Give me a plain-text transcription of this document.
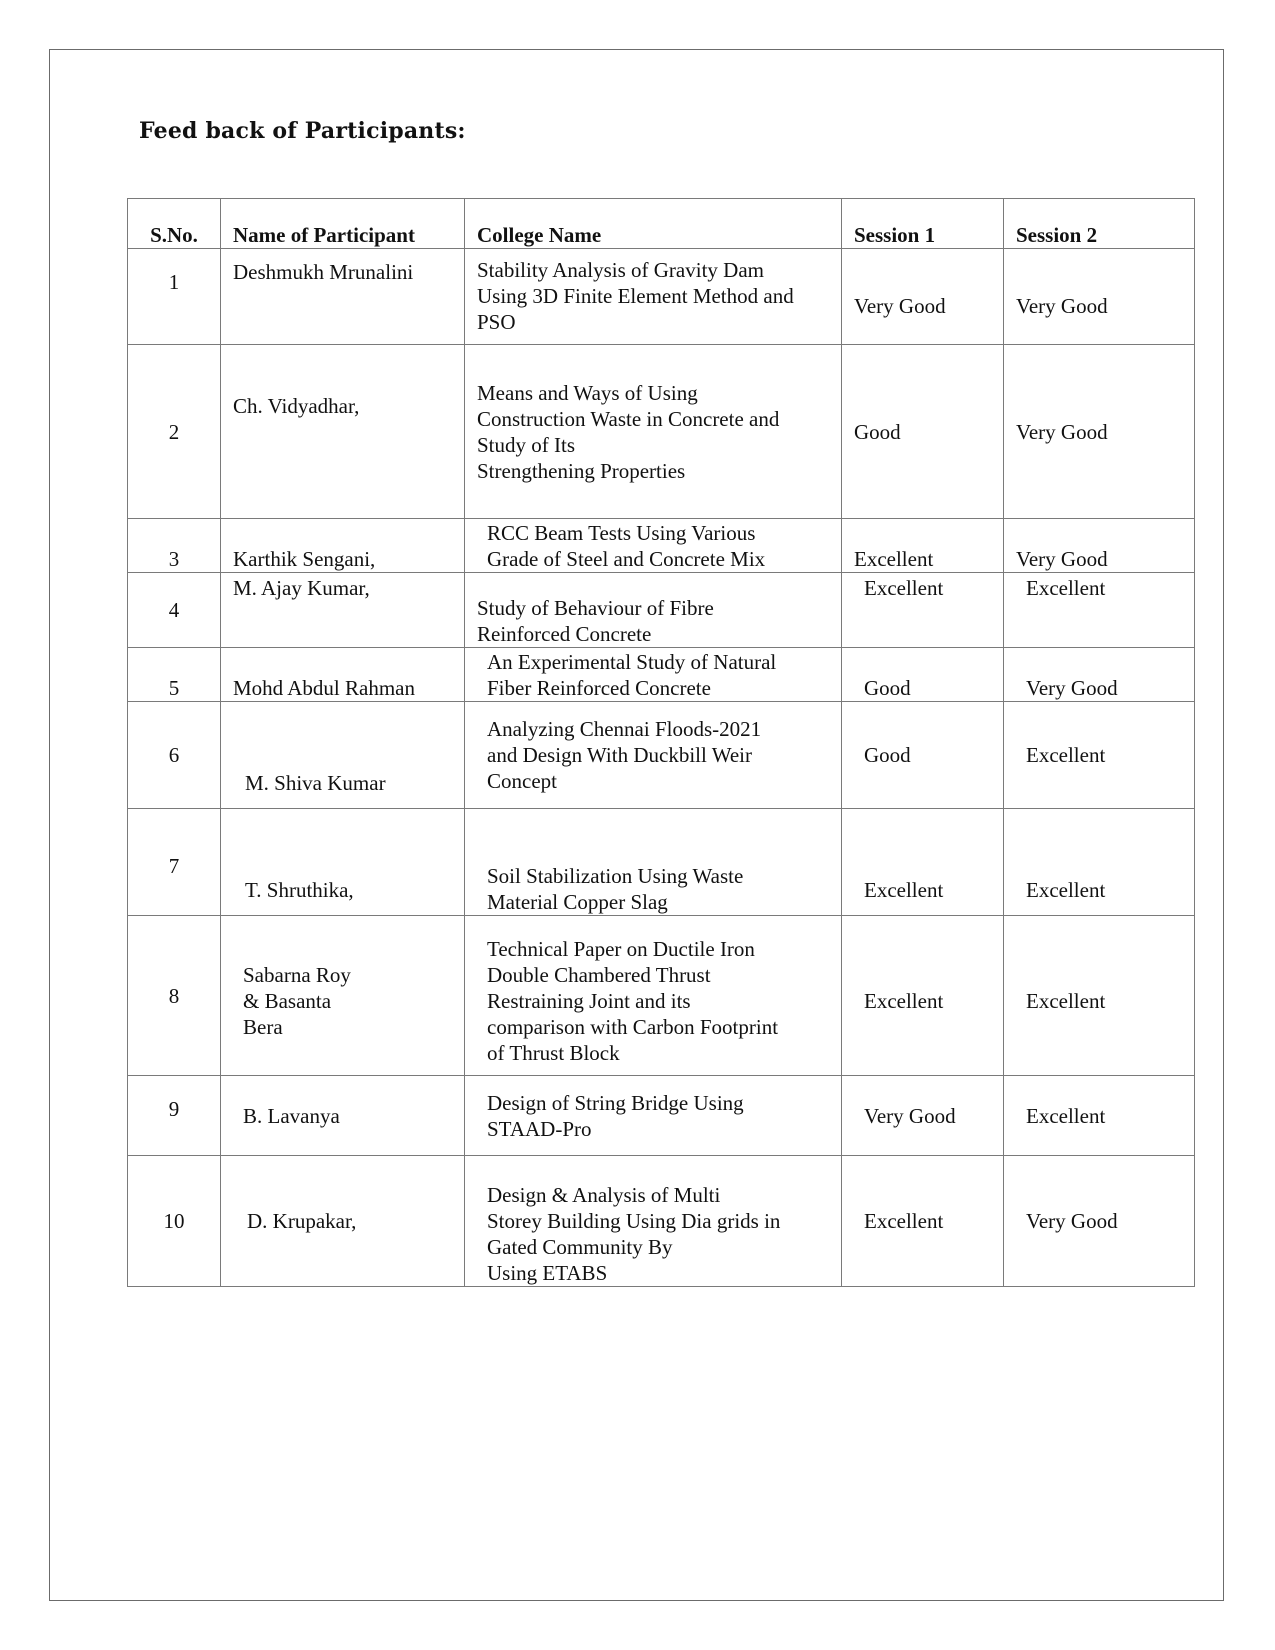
Feed back of Participants:
S.No.	Name of Participant	College Name	Session 1	Session 2
1	Deshmukh Mrunalini	Stability Analysis of Gravity Dam
Using 3D Finite Element Method and
PSO	Very Good	Very Good
2	Ch. Vidyadhar,	Means and Ways of Using
Construction Waste in Concrete and
Study of Its
Strengthening Properties	Good	Very Good
3	Karthik Sengani,	RCC Beam Tests Using Various
Grade of Steel and Concrete Mix	Excellent	Very Good
4	M. Ajay Kumar,	Study of Behaviour of Fibre
Reinforced Concrete	Excellent	Excellent
5	Mohd Abdul Rahman	An Experimental Study of Natural
Fiber Reinforced Concrete	Good	Very Good
6	M. Shiva Kumar	Analyzing Chennai Floods-2021
and Design With Duckbill Weir
Concept	Good	Excellent
7	T. Shruthika,	Soil Stabilization Using Waste
Material Copper Slag	Excellent	Excellent
8	Sabarna Roy
& Basanta
Bera	Technical Paper on Ductile Iron
Double Chambered Thrust
Restraining Joint and its
comparison with Carbon Footprint
of Thrust Block	Excellent	Excellent
9	B. Lavanya	Design of String Bridge Using
STAAD-Pro	Very Good	Excellent
10	D. Krupakar,	Design & Analysis of Multi
Storey Building Using Dia grids in
Gated Community By
Using ETABS	Excellent	Very Good
